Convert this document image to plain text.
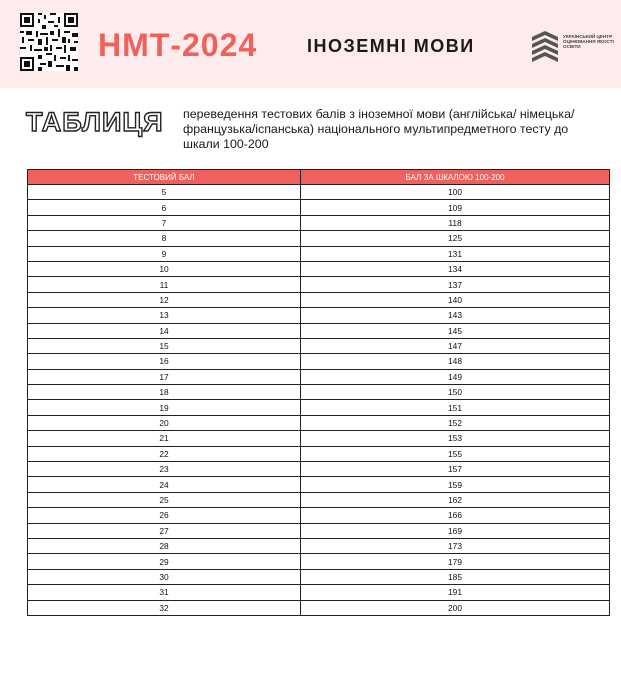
НМТ-2024	ІНОЗЕМНІ МОВИ	УКРАЇНСЬКИЙ ЦЕНТР ОЦІНЮВАННЯ ЯКОСТІ ОСВІТИ
ТАБЛИЦЯ переведення тестових балів з іноземної мови (англійська/ німецька/французька/іспанська) національного мультипредметного тесту до шкали 100-200
ТЕСТОВИЙ БАЛ	БАЛ ЗА ШКАЛОЮ 100-200
5	100
6	109
7	118
8	125
9	131
10	134
11	137
12	140
13	143
14	145
15	147
16	148
17	149
18	150
19	151
20	152
21	153
22	155
23	157
24	159
25	162
26	166
27	169
28	173
29	179
30	185
31	191
32	200
